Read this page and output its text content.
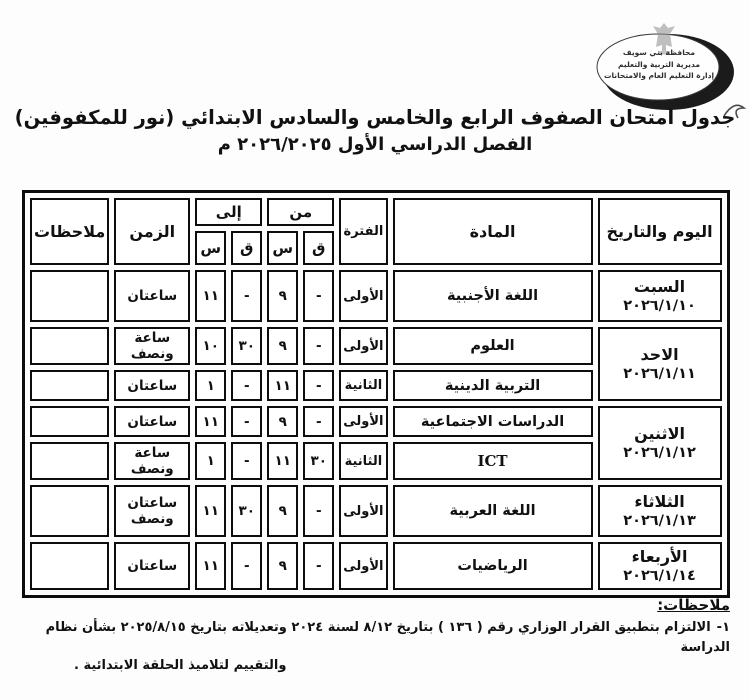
محافظة بني سويف
مديرية التربية والتعليم
إدارة التعليم العام والامتحانات
جدول امتحان الصفوف الرابع والخامس والسادس الابتدائي (نور للمكفوفين)
الفصل الدراسي الأول ٢٠٢٦/٢٠٢٥ م
اليوم والتاريخ	المادة	الفترة	من		إلى		الزمن	ملاحظات
			ق	س	ق	س		

السبت
٢٠٢٦/١/١٠	اللغة الأجنبية	الأولى	-	٩	-	١١	ساعتان	

الاحد
٢٠٢٦/١/١١	العلوم	الأولى	-	٩	٣٠	١٠	ساعة ونصف	
	التربية الدينية	الثانية	-	١١	-	١	ساعتان	

الاثنين
٢٠٢٦/١/١٢	الدراسات الاجتماعية	الأولى	-	٩	-	١١	ساعتان	
	ICT	الثانية	٣٠	١١	-	١	ساعة ونصف	

الثلاثاء
٢٠٢٦/١/١٣	اللغة العربية	الأولى	-	٩	٣٠	١١	ساعتان ونصف	

الأربعاء
٢٠٢٦/١/١٤	الرياضيات	الأولى	-	٩	-	١١	ساعتان	
ملاحظات:
١-الالتزام بتطبيق القرار الوزاري رقم ( ١٣٦ ) بتاريخ ٨/١٢ لسنة ٢٠٢٤ وتعديلاته بتاريخ ٢٠٢٥/٨/١٥ بشأن نظام الدراسة
والتقييم لتلاميذ الحلقة الابتدائية .
